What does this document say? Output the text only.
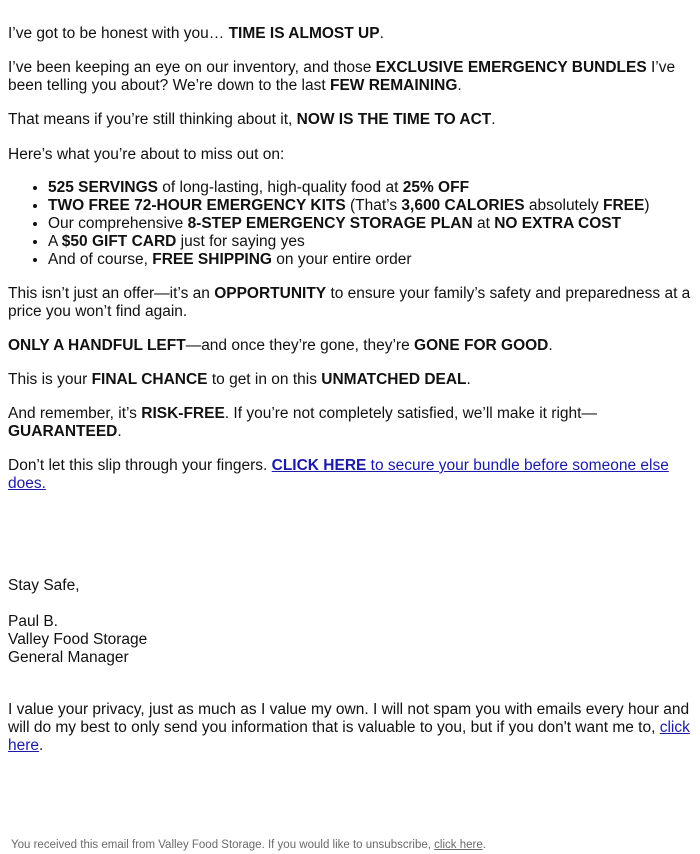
I’ve got to be honest with you… TIME IS ALMOST UP.

I’ve been keeping an eye on our inventory, and those EXCLUSIVE EMERGENCY BUNDLES I’ve been telling you about? We’re down to the last FEW REMAINING.

That means if you’re still thinking about it, NOW IS THE TIME TO ACT.

Here’s what you’re about to miss out on:

• 525 SERVINGS of long-lasting, high-quality food at 25% OFF
• TWO FREE 72-HOUR EMERGENCY KITS (That’s 3,600 CALORIES absolutely FREE)
• Our comprehensive 8-STEP EMERGENCY STORAGE PLAN at NO EXTRA COST
• A $50 GIFT CARD just for saying yes
• And of course, FREE SHIPPING on your entire order

This isn’t just an offer—it’s an OPPORTUNITY to ensure your family’s safety and preparedness at a price you won’t find again.

ONLY A HANDFUL LEFT—and once they’re gone, they’re GONE FOR GOOD.

This is your FINAL CHANCE to get in on this UNMATCHED DEAL.

And remember, it’s RISK-FREE. If you’re not completely satisfied, we’ll make it right—GUARANTEED.

Don’t let this slip through your fingers. CLICK HERE to secure your bundle before someone else does.

Stay Safe,

Paul B.

Valley Food Storage

General Manager

I value your privacy, just as much as I value my own. I will not spam you with emails every hour and will do my best to only send you information that is valuable to you, but if you don't want me to, click here.

You received this email from Valley Food Storage. If you would like to unsubscribe, click here.
